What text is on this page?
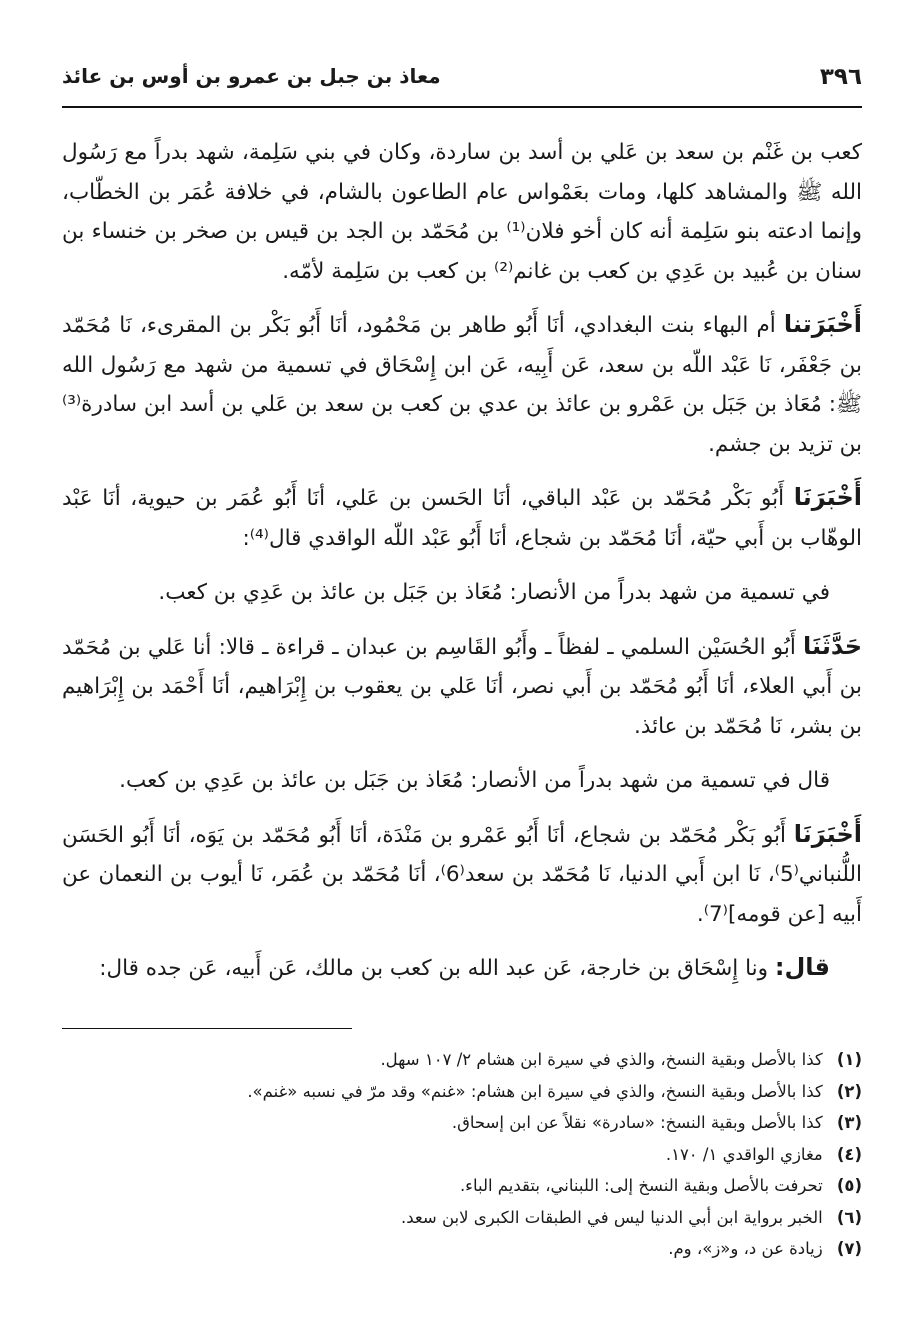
٣٩٦
معاذ بن جبل بن عمرو بن أوس بن عائذ

كعب بن غَنْم بن سعد بن عَلي بن أسد بن ساردة، وكان في بني سَلِمة، شهد بدراً مع رَسُول الله ﷺ والمشاهد كلها، ومات بعَمْواس عام الطاعون بالشام، في خلافة عُمَر بن الخطّاب، وإنما ادعته بنو سَلِمة أنه كان أخو فلان⁽¹⁾ بن مُحَمّد بن الجد بن قيس بن صخر بن خنساء بن سنان بن عُبيد بن عَدِي بن كعب بن غانم⁽²⁾ بن كعب بن سَلِمة لأمّه.

أَخْبَرَتنا أم البهاء بنت البغدادي، أنَا أَبُو طاهر بن مَحْمُود، أنَا أَبُو بَكْر بن المقرىء، نَا مُحَمّد بن جَعْفَر، نَا عَبْد اللّه بن سعد، عَن أَبِيه، عَن ابن إِسْحَاق في تسمية من شهد مع رَسُول الله ﷺ: مُعَاذ بن جَبَل بن عَمْرو بن عائذ بن عدي بن كعب بن سعد بن عَلي بن أسد ابن سادرة⁽³⁾ بن تزيد بن جشم.

أَخْبَرَنَا أَبُو بَكْر مُحَمّد بن عَبْد الباقي، أنَا الحَسن بن عَلي، أنَا أَبُو عُمَر بن حيوية، أنَا عَبْد الوهّاب بن أَبي حيّة، أنَا مُحَمّد بن شجاع، أنَا أَبُو عَبْد اللّه الواقدي قال⁽⁴⁾:

في تسمية من شهد بدراً من الأنصار: مُعَاذ بن جَبَل بن عائذ بن عَدِي بن كعب.

حَدَّثَنَا أَبُو الحُسَيْن السلمي ـ لفظاً ـ وأَبُو القَاسِم بن عبدان ـ قراءة ـ قالا: أنا عَلي بن مُحَمّد بن أَبي العلاء، أنَا أَبُو مُحَمّد بن أَبي نصر، أنَا عَلي بن يعقوب بن إِبْرَاهيم، أنَا أَحْمَد بن إِبْرَاهيم بن بشر، نَا مُحَمّد بن عائذ.

قال في تسمية من شهد بدراً من الأنصار: مُعَاذ بن جَبَل بن عائذ بن عَدِي بن كعب.

أَخْبَرَنَا أَبُو بَكْر مُحَمّد بن شجاع، أنَا أَبُو عَمْرو بن مَنْدَة، أنَا أَبُو مُحَمّد بن يَوَه، أنَا أَبُو الحَسَن اللُّنباني⁽5⁾، نَا ابن أَبي الدنيا، نَا مُحَمّد بن سعد⁽6⁾، أنَا مُحَمّد بن عُمَر، نَا أيوب بن النعمان عن أَبيه [عن قومه]⁽7⁾.

قال: ونا إِسْحَاق بن خارجة، عَن عبد الله بن كعب بن مالك، عَن أَبيه، عَن جده قال:

(١) كذا بالأصل وبقية النسخ، والذي في سيرة ابن هشام ٢/ ١٠٧ سهل.
(٢) كذا بالأصل وبقية النسخ، والذي في سيرة ابن هشام: «غنم» وقد مرّ في نسبه «غنم».
(٣) كذا بالأصل وبقية النسخ: «سادرة» نقلاً عن ابن إسحاق.
(٤) مغازي الواقدي ١/ ١٧٠.
(٥) تحرفت بالأصل وبقية النسخ إلى: اللبناني، بتقديم الباء.
(٦) الخبر برواية ابن أبي الدنيا ليس في الطبقات الكبرى لابن سعد.
(٧) زيادة عن د، و«ز»، وم.
